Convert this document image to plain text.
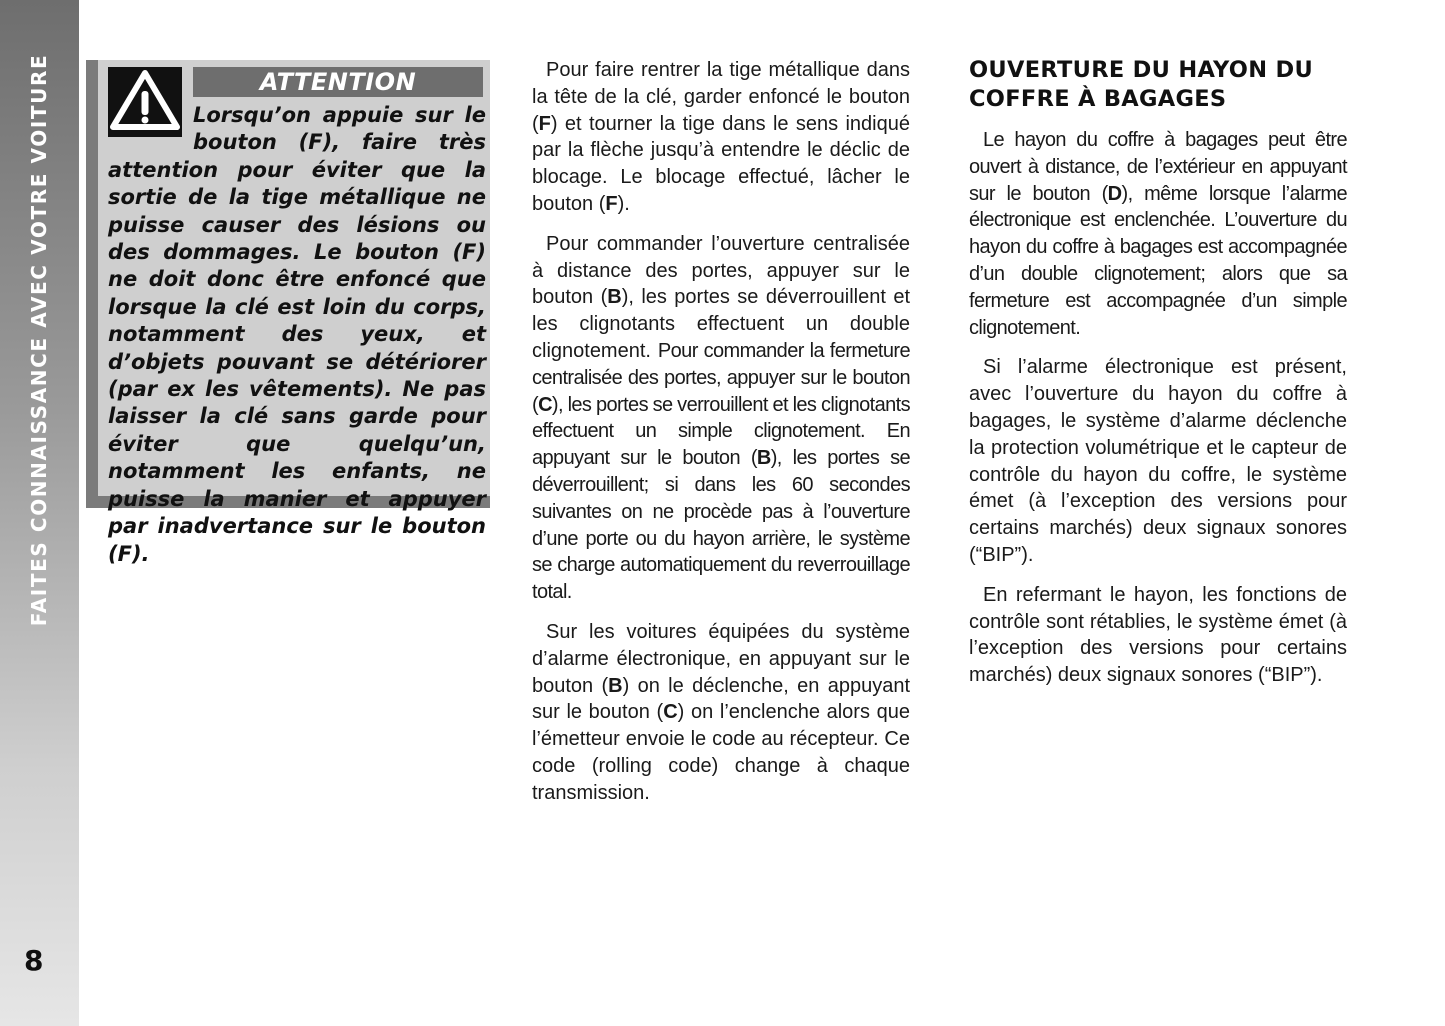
FAITES CONNAISSANCE AVEC VOTRE VOITURE
8
ATTENTION
Lorsqu’on appuie sur le bouton (F), faire très attention pour éviter que la sortie de la tige métallique ne puisse causer des lésions ou des dommages. Le bouton (F) ne doit donc être enfoncé que lorsque la clé est loin du corps, notamment des yeux, et d’objets pouvant se détériorer (par ex les vêtements). Ne pas laisser la clé sans garde pour éviter que quelqu’un, notamment les enfants, ne puisse la manier et appuyer par inadvertance sur le bouton (F).

Pour faire rentrer la tige métallique dans la tête de la clé, garder enfoncé le bouton (F) et tourner la tige dans le sens indiqué par la flèche jusqu’à entendre le déclic de blocage. Le blocage effectué, lâcher le bouton (F).

Pour commander l’ouverture centralisée à distance des portes, appuyer sur le bouton (B), les portes se déverrouillent et les clignotants effectuent un double clignotement. Pour commander la fermeture centralisée des portes, appuyer sur le bouton (C), les portes se verrouillent et les clignotants effectuent un simple clignotement. En appuyant sur le bouton (B), les portes se déverrouillent; si dans les 60 secondes suivantes on ne procède pas à l’ouverture d’une porte ou du hayon arrière, le système se charge automatiquement du reverrouillage total.

Sur les voitures équipées du système d’alarme électronique, en appuyant sur le bouton (B) on le déclenche, en appuyant sur le bouton (C) on l’enclenche alors que l’émetteur envoie le code au récepteur. Ce code (rolling code) change à chaque transmission.

OUVERTURE DU HAYON DU COFFRE À BAGAGES

Le hayon du coffre à bagages peut être ouvert à distance, de l’extérieur en appuyant sur le bouton (D), même lorsque l’alarme électronique est enclenchée. L’ouverture du hayon du coffre à bagages est accompagnée d’un double clignotement; alors que sa fermeture est accompagnée d’un simple clignotement.

Si l’alarme électronique est présent, avec l’ouverture du hayon du coffre à bagages, le système d’alarme déclenche la protection volumétrique et le capteur de contrôle du hayon du coffre, le système émet (à l’exception des versions pour certains marchés) deux signaux sonores (“BIP”).

En refermant le hayon, les fonctions de contrôle sont rétablies, le système émet (à l’exception des versions pour certains marchés) deux signaux sonores (“BIP”).
